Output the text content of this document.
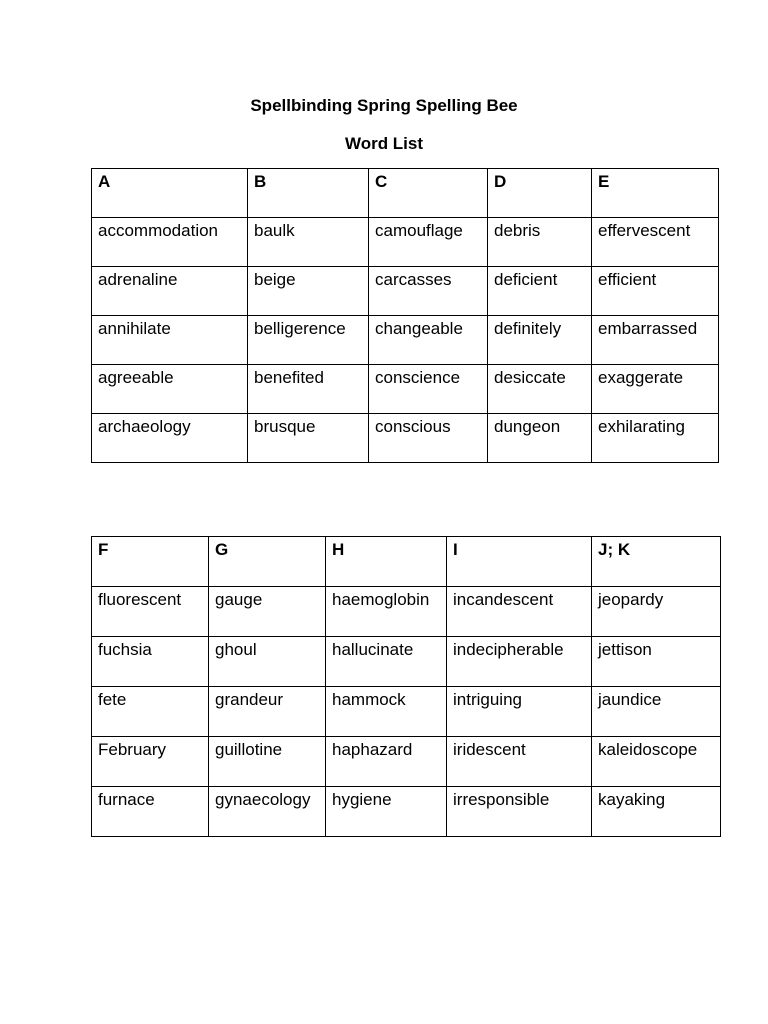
Spellbinding Spring Spelling Bee
Word List
A	B	C	D	E
accommodation	baulk	camouflage	debris	effervescent
adrenaline	beige	carcasses	deficient	efficient
annihilate	belligerence	changeable	definitely	embarrassed
agreeable	benefited	conscience	desiccate	exaggerate
archaeology	brusque	conscious	dungeon	exhilarating
F	G	H	I	J; K
fluorescent	gauge	haemoglobin	incandescent	jeopardy
fuchsia	ghoul	hallucinate	indecipherable	jettison
fete	grandeur	hammock	intriguing	jaundice
February	guillotine	haphazard	iridescent	kaleidoscope
furnace	gynaecology	hygiene	irresponsible	kayaking
